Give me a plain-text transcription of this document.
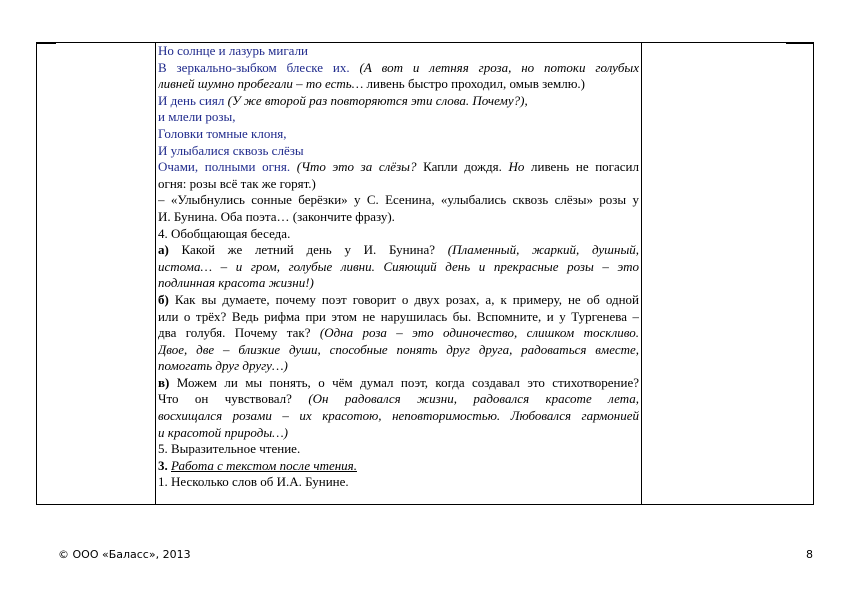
Но солнце и лазурь мигали
В зеркально-зыбком блеске их. (А вот и летняя гроза, но потоки голубых
ливней шумно пробегали – то есть… ливень быстро проходил, омыв землю.)
И день сиял (У же второй раз повторяются эти слова. Почему?),
и млели розы,
Головки томные клоня,
И улыбалися сквозь слёзы
Очами, полными огня. (Что это за слёзы? Капли дождя. Но ливень не погасил
огня: розы всё так же горят.)
– «Улыбнулись сонные берёзки» у С. Есенина, «улыбались сквозь слёзы» розы у
И. Бунина. Оба поэта… (закончите фразу).
4. Обобщающая беседа.
а) Какой же летний день у И. Бунина? (Пламенный, жаркий, душный,
истома… – и гром, голубые ливни. Сияющий день и прекрасные розы – это
подлинная красота жизни!)
б) Как вы думаете, почему поэт говорит о двух розах, а, к примеру, не об одной
или о трёх? Ведь рифма при этом не нарушилась бы. Вспомните, и у Тургенева –
два голубя. Почему так? (Одна роза – это одиночество, слишком тоскливо.
Двое, две – близкие души, способные понять друг друга, радоваться вместе,
помогать друг другу…)
в) Можем ли мы понять, о чём думал поэт, когда создавал это стихотворение?
Что он чувствовал? (Он радовался жизни, радовался красоте лета,
восхищался розами – их красотою, неповторимостью. Любовался гармонией
и красотой природы…)
5. Выразительное чтение.
3. Работа с текстом после чтения.
1. Несколько слов об И.А. Бунине.
© ООО «Баласс», 2013	8
